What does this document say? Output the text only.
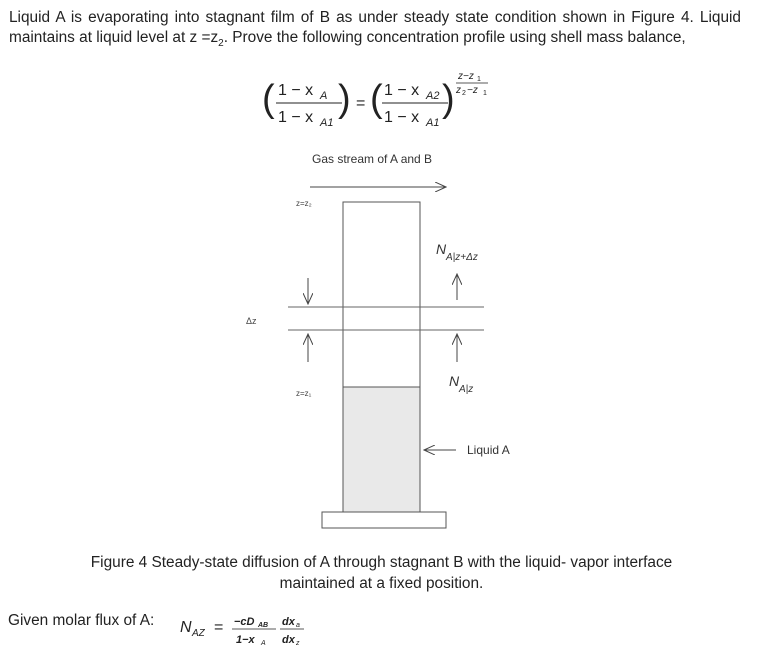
Liquid A is evaporating into stagnant film of B as under steady state condition shown in Figure 4. Liquid maintains at liquid level at $z =z_2$. Prove the following concentration profile using shell mass balance,
( 1 − x A
1 − x A1
) = ( 1 − x A2
1 − x A1
)
z−z 1
z 2 −z 1
Gas stream of A and B
z=z₂
z=z₁
Δz
N
A|z+Δz
N
A|z
Liquid A
Figure 4 Steady-state diffusion of A through stagnant B with the liquid- vapor interface
maintained at a fixed position.
Given molar flux of A: N AZ = −cD AB
1−x A
dx a
dx z
